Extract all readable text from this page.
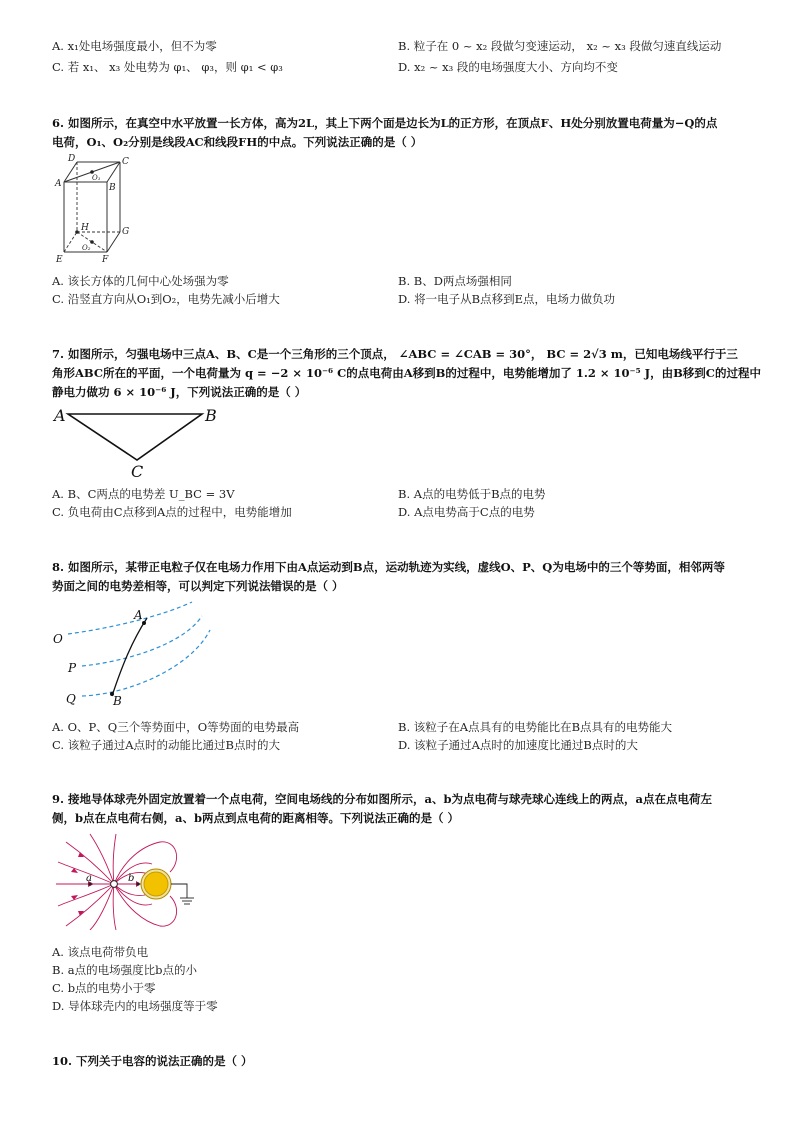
A. x₁处电场强度最小，但不为零	B. 粒子在 0 ~ x₂ 段做匀变速运动， x₂ ~ x₃ 段做匀速直线运动
C. 若 x₁、 x₃ 处电势为 φ₁、 φ₃，则 φ₁ < φ₃	D. x₂ ~ x₃ 段的电场强度大小、方向均不变
6. 如图所示，在真空中水平放置一长方体，高为2L，其上下两个面是边长为L的正方形，在顶点F、H处分别放置电荷量为−Q的点
电荷，O₁、O₂分别是线段AC和线段FH的中点。下列说法正确的是（ ）
D	C
O₁
A	B
H	G
O₂
E	F
A. 该长方体的几何中心处场强为零	B. B、D两点场强相同
C. 沿竖直方向从O₁到O₂，电势先减小后增大	D. 将一电子从B点移到E点，电场力做负功
7. 如图所示，匀强电场中三点A、B、C是一个三角形的三个顶点， ∠ABC = ∠CAB = 30°， BC = 2√3 m，已知电场线平行于三
角形ABC所在的平面，一个电荷量为 q = −2 × 10⁻⁶ C的点电荷由A移到B的过程中，电势能增加了 1.2 × 10⁻⁵ J，由B移到C的过程中
静电力做功 6 × 10⁻⁶ J，下列说法正确的是（ ）
A	B
C
A. B、C两点的电势差 U_BC = 3V	B. A点的电势低于B点的电势
C. 负电荷由C点移到A点的过程中，电势能增加	D. A点电势高于C点的电势
8. 如图所示，某带正电粒子仅在电场力作用下由A点运动到B点，运动轨迹为实线，虚线O、P、Q为电场中的三个等势面，相邻两等
势面之间的电势差相等，可以判定下列说法错误的是（ ）
O
P
Q
A
B
A. O、P、Q三个等势面中，O等势面的电势最高	B. 该粒子在A点具有的电势能比在B点具有的电势能大
C. 该粒子通过A点时的动能比通过B点时的大	D. 该粒子通过A点时的加速度比通过B点时的大
9. 接地导体球壳外固定放置着一个点电荷，空间电场线的分布如图所示，a、b为点电荷与球壳球心连线上的两点，a点在点电荷左
侧，b点在点电荷右侧，a、b两点到点电荷的距离相等。下列说法正确的是（ ）
a	b
A. 该点电荷带负电
B. a点的电场强度比b点的小
C. b点的电势小于零
D. 导体球壳内的电场强度等于零
10. 下列关于电容的说法正确的是（ ）
